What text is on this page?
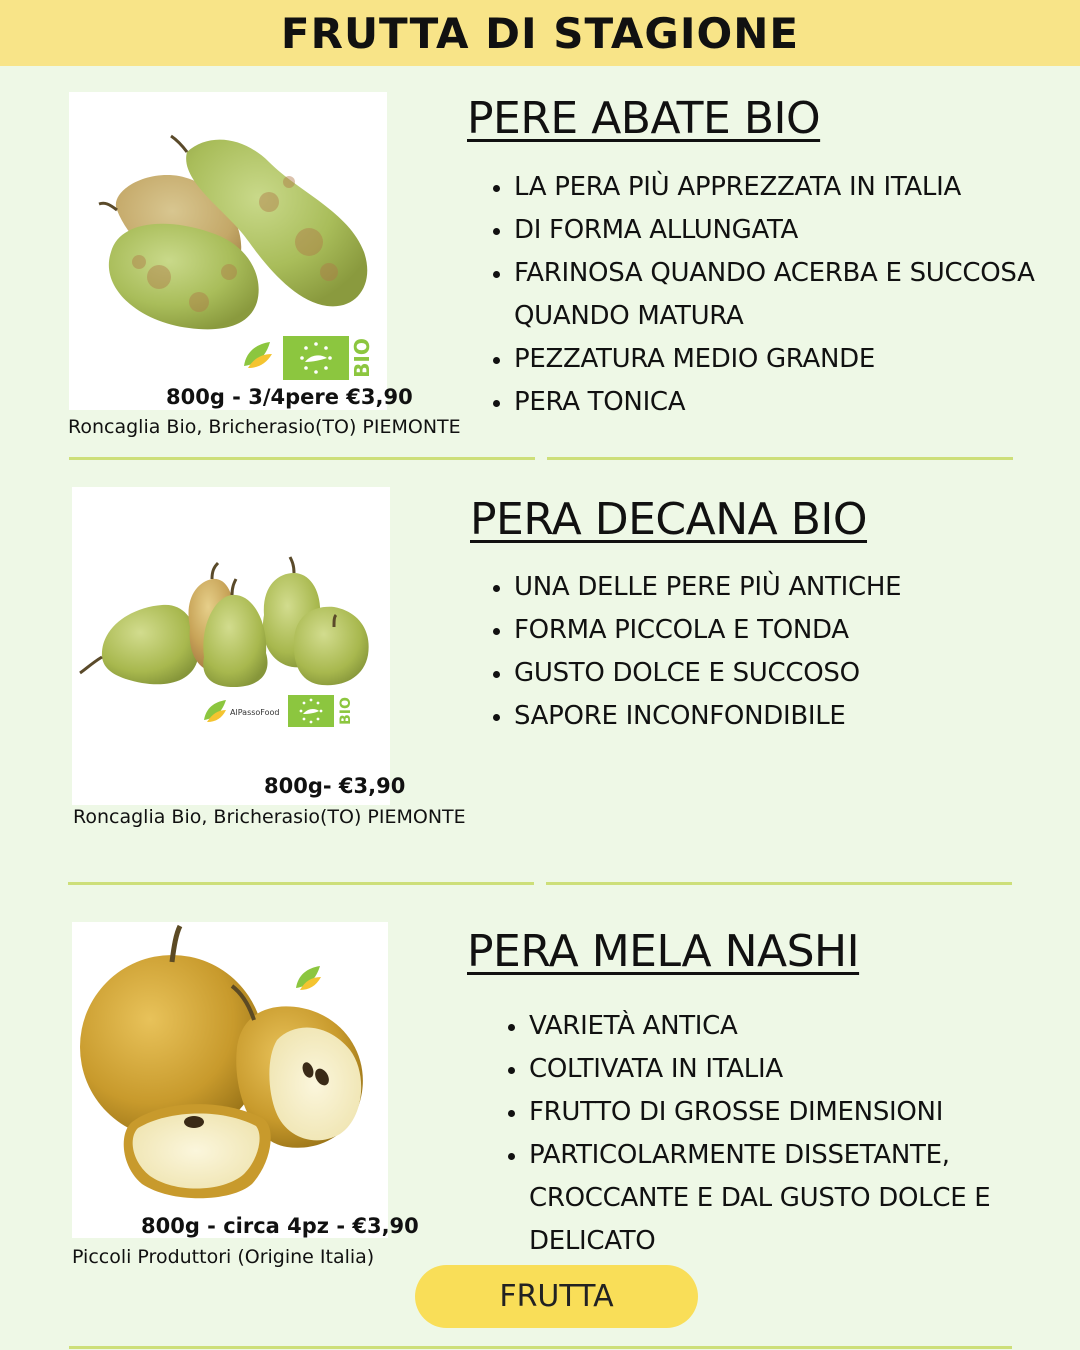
FRUTTA DI STAGIONE
BIO
800g - 3/4pere €3,90
Roncaglia Bio, Bricherasio(TO) PIEMONTE
PERE ABATE BIO
• LA PERA PIÙ APPREZZATA IN ITALIA
• DI FORMA ALLUNGATA
• FARINOSA QUANDO ACERBA E SUCCOSA QUANDO MATURA
• PEZZATURA MEDIO GRANDE
• PERA TONICA
AlPassoFood	BIO
800g- €3,90
Roncaglia Bio, Bricherasio(TO) PIEMONTE
PERA DECANA BIO
• UNA DELLE PERE PIÙ ANTICHE
• FORMA PICCOLA E TONDA
• GUSTO DOLCE E SUCCOSO
• SAPORE INCONFONDIBILE
800g - circa 4pz - €3,90
Piccoli Produttori (Origine Italia)
PERA MELA NASHI
• VARIETÀ ANTICA
• COLTIVATA IN ITALIA
• FRUTTO DI GROSSE DIMENSIONI
• PARTICOLARMENTE DISSETANTE, CROCCANTE E DAL GUSTO DOLCE E DELICATO
FRUTTA
